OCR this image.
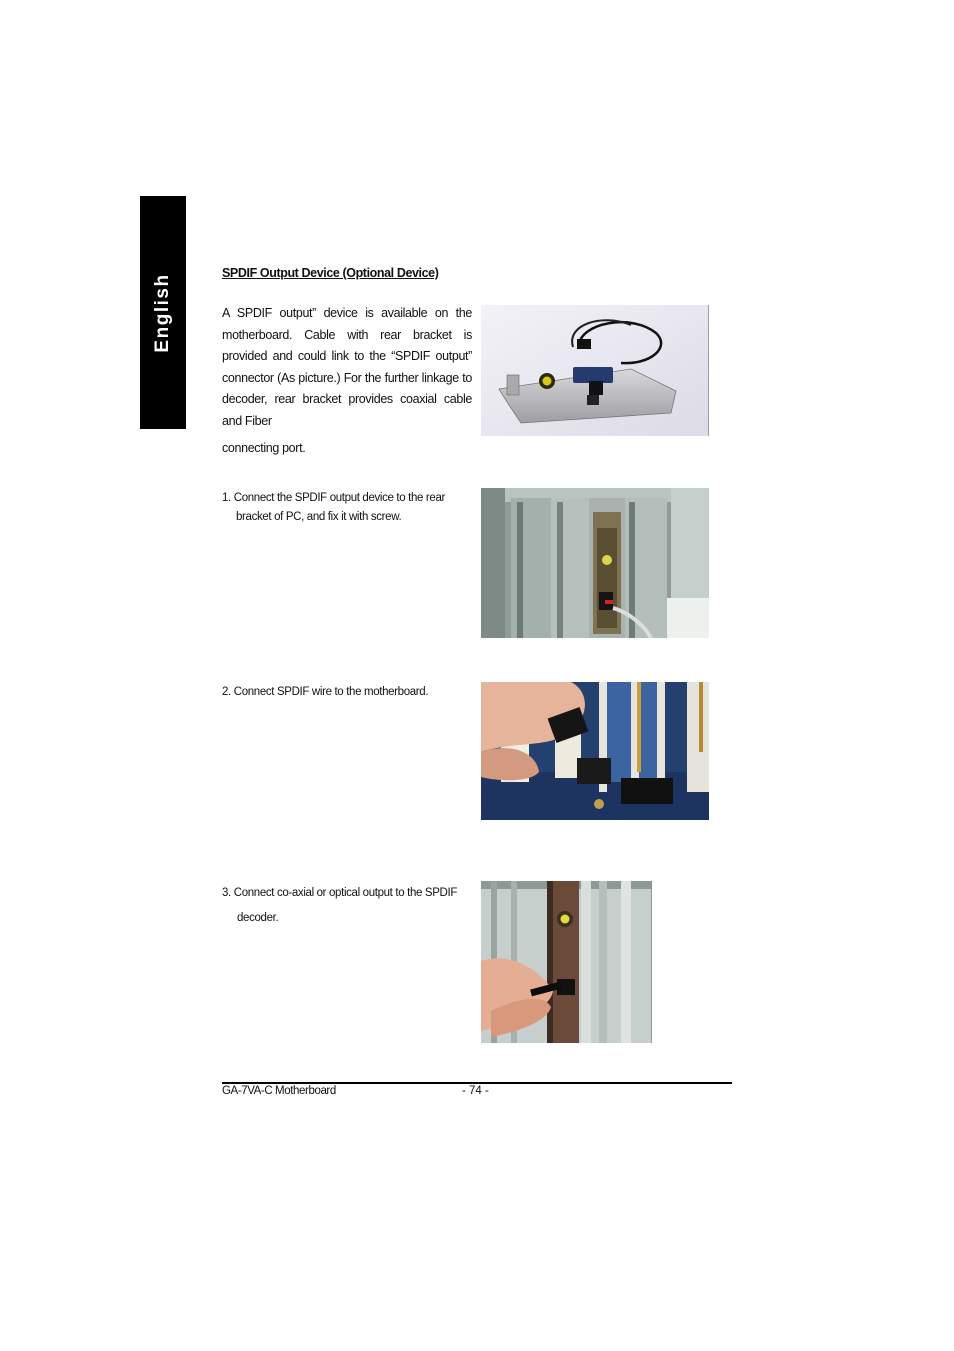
English	SPDIF Output Device (Optional Device)
A SPDIF output” device is available on the motherboard. Cable with rear bracket is provided and could link to the “SPDIF output” connector (As picture.) For the further linkage to decoder, rear bracket provides coaxial cable and Fiber
connecting port.
1. Connect the SPDIF output device to the rear
bracket of PC, and fix it with screw.
2. Connect SPDIF wire to the motherboard.
3. Connect co-axial or optical output to the SPDIF
decoder.
GA-7VA-C Motherboard	- 74 -
